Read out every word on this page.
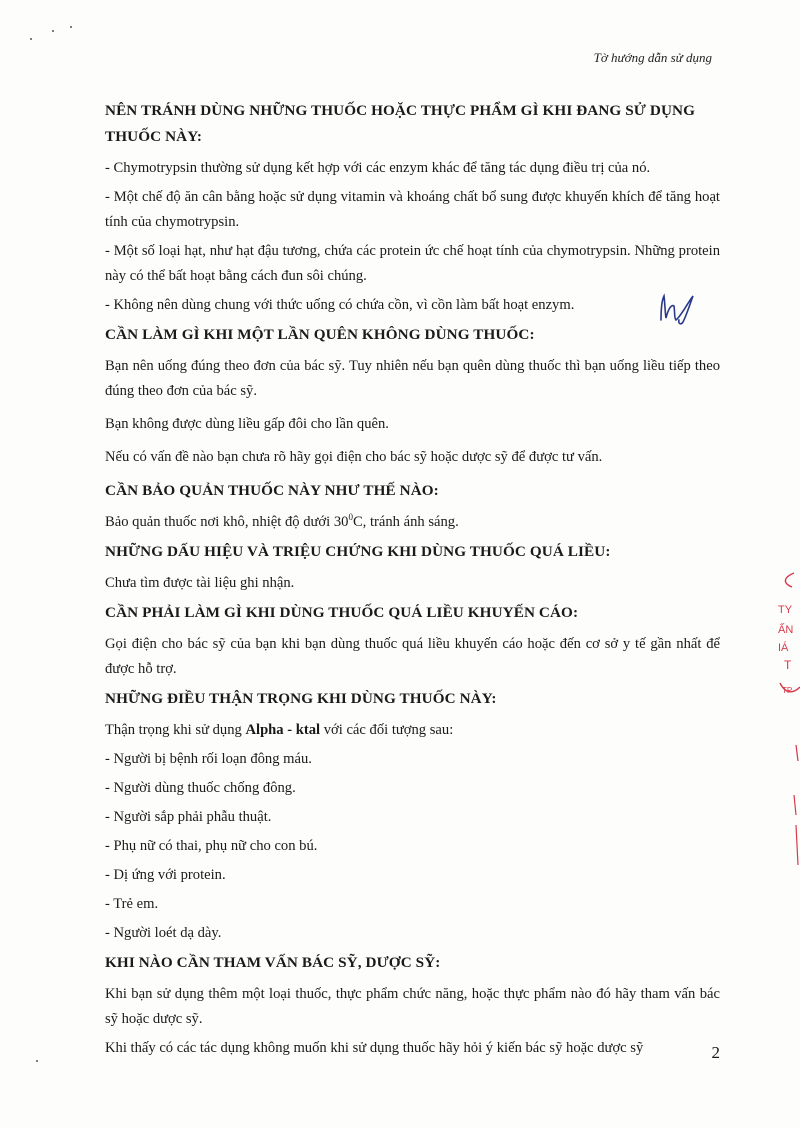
Tờ hướng dẫn sử dụng
NÊN TRÁNH DÙNG NHỮNG THUỐC HOẶC THỰC PHẨM GÌ KHI ĐANG SỬ DỤNG THUỐC NÀY:

- Chymotrypsin thường sử dụng kết hợp với các enzym khác để tăng tác dụng điều trị của nó.

- Một chế độ ăn cân bằng hoặc sử dụng vitamin và khoáng chất bổ sung được khuyến khích để tăng hoạt tính của chymotrypsin.

- Một số loại hạt, như hạt đậu tương, chứa các protein ức chế hoạt tính của chymotrypsin. Những protein này có thể bất hoạt bằng cách đun sôi chúng.

- Không nên dùng chung với thức uống có chứa cồn, vì cồn làm bất hoạt enzym.

CẦN LÀM GÌ KHI MỘT LẦN QUÊN KHÔNG DÙNG THUỐC:

Bạn nên uống đúng theo đơn của bác sỹ. Tuy nhiên nếu bạn quên dùng thuốc thì bạn uống liều tiếp theo đúng theo đơn của bác sỹ.

Bạn không được dùng liều gấp đôi cho lần quên.

Nếu có vấn đề nào bạn chưa rõ hãy gọi điện cho bác sỹ hoặc dược sỹ để được tư vấn.

CẦN BẢO QUẢN THUỐC NÀY NHƯ THẾ NÀO:

Bảo quản thuốc nơi khô, nhiệt độ dưới $30^0C$, tránh ánh sáng.

NHỮNG DẤU HIỆU VÀ TRIỆU CHỨNG KHI DÙNG THUỐC QUÁ LIỀU:

Chưa tìm được tài liệu ghi nhận.

CẦN PHẢI LÀM GÌ KHI DÙNG THUỐC QUÁ LIỀU KHUYẾN CÁO:

Gọi điện cho bác sỹ của bạn khi bạn dùng thuốc quá liều khuyến cáo hoặc đến cơ sở y tế gần nhất để được hỗ trợ.

NHỮNG ĐIỀU THẬN TRỌNG KHI DÙNG THUỐC NÀY:

Thận trọng khi sử dụng Alpha - ktal với các đối tượng sau:

- Người bị bệnh rối loạn đông máu.

- Người dùng thuốc chống đông.

- Người sắp phải phẫu thuật.

- Phụ nữ có thai, phụ nữ cho con bú.

- Dị ứng với protein.

- Trẻ em.

- Người loét dạ dày.

KHI NÀO CẦN THAM VẤN BÁC SỸ, DƯỢC SỸ:

Khi bạn sử dụng thêm một loại thuốc, thực phẩm chức năng, hoặc thực phẩm nào đó hãy tham vấn bác sỹ hoặc dược sỹ.

Khi thấy có các tác dụng không muốn khi sử dụng thuốc hãy hỏi ý kiến bác sỹ hoặc dược sỹ

TY
ẤN
IÁ
T
TP
2
